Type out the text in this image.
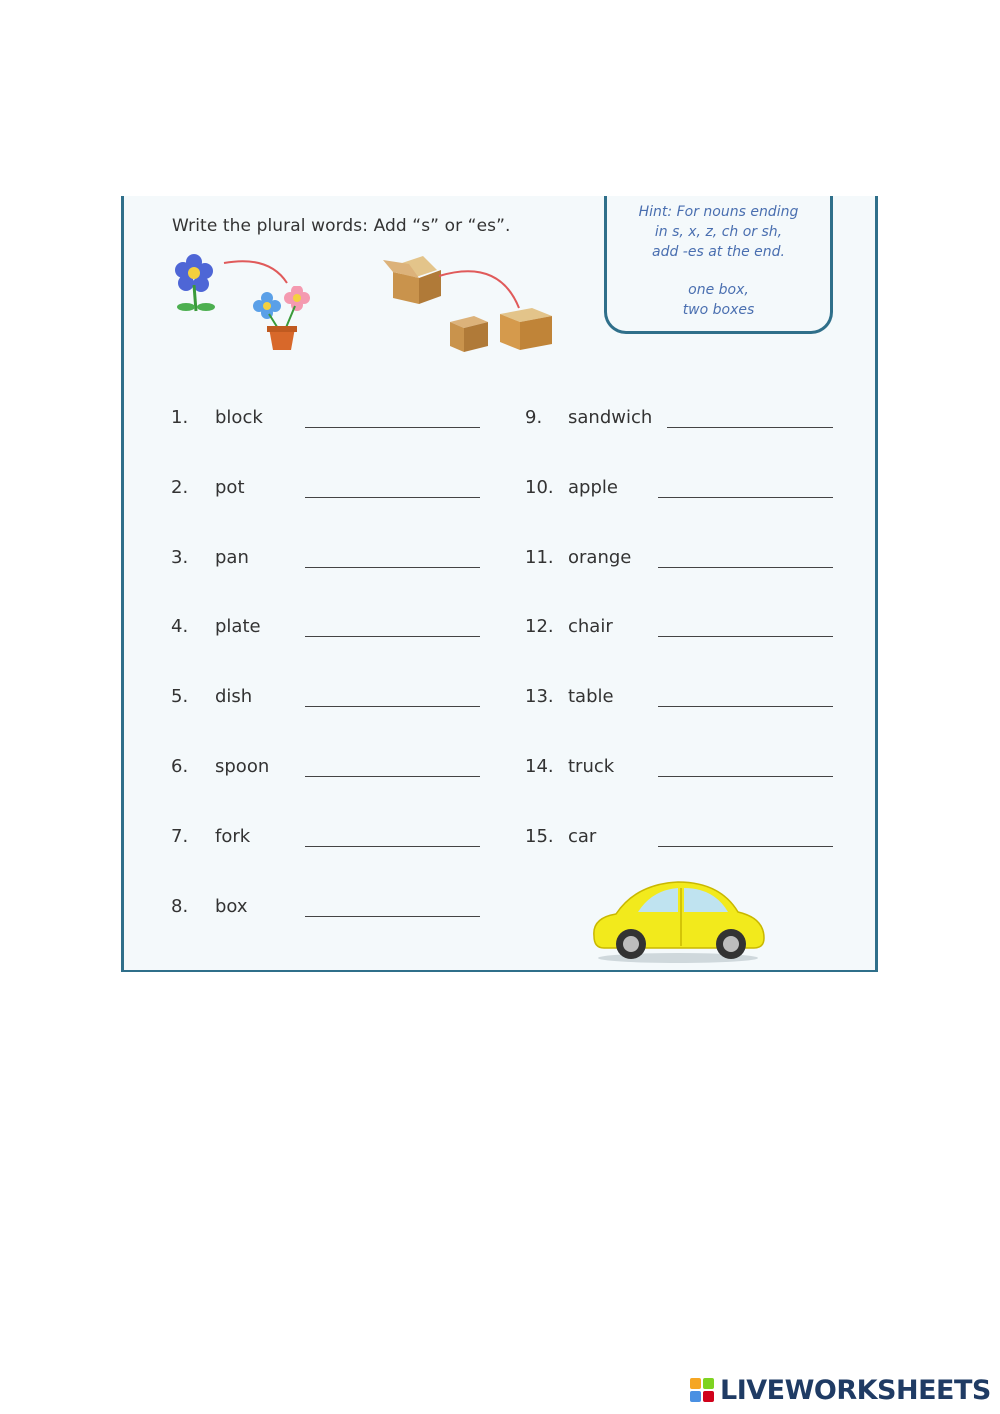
Write the plural words: Add “s” or “es”.
Hint: For nouns ending
in s, x, z, ch or sh,
add -es at the end.
one box,
two boxes
1.	block
2.	pot
3.	pan
4.	plate
5.	dish
6.	spoon
7.	fork
8.	box
9.	sandwich
10. apple
11. orange
12. chair
13. table
14. truck
15. car
LIVEWORKSHEETS
